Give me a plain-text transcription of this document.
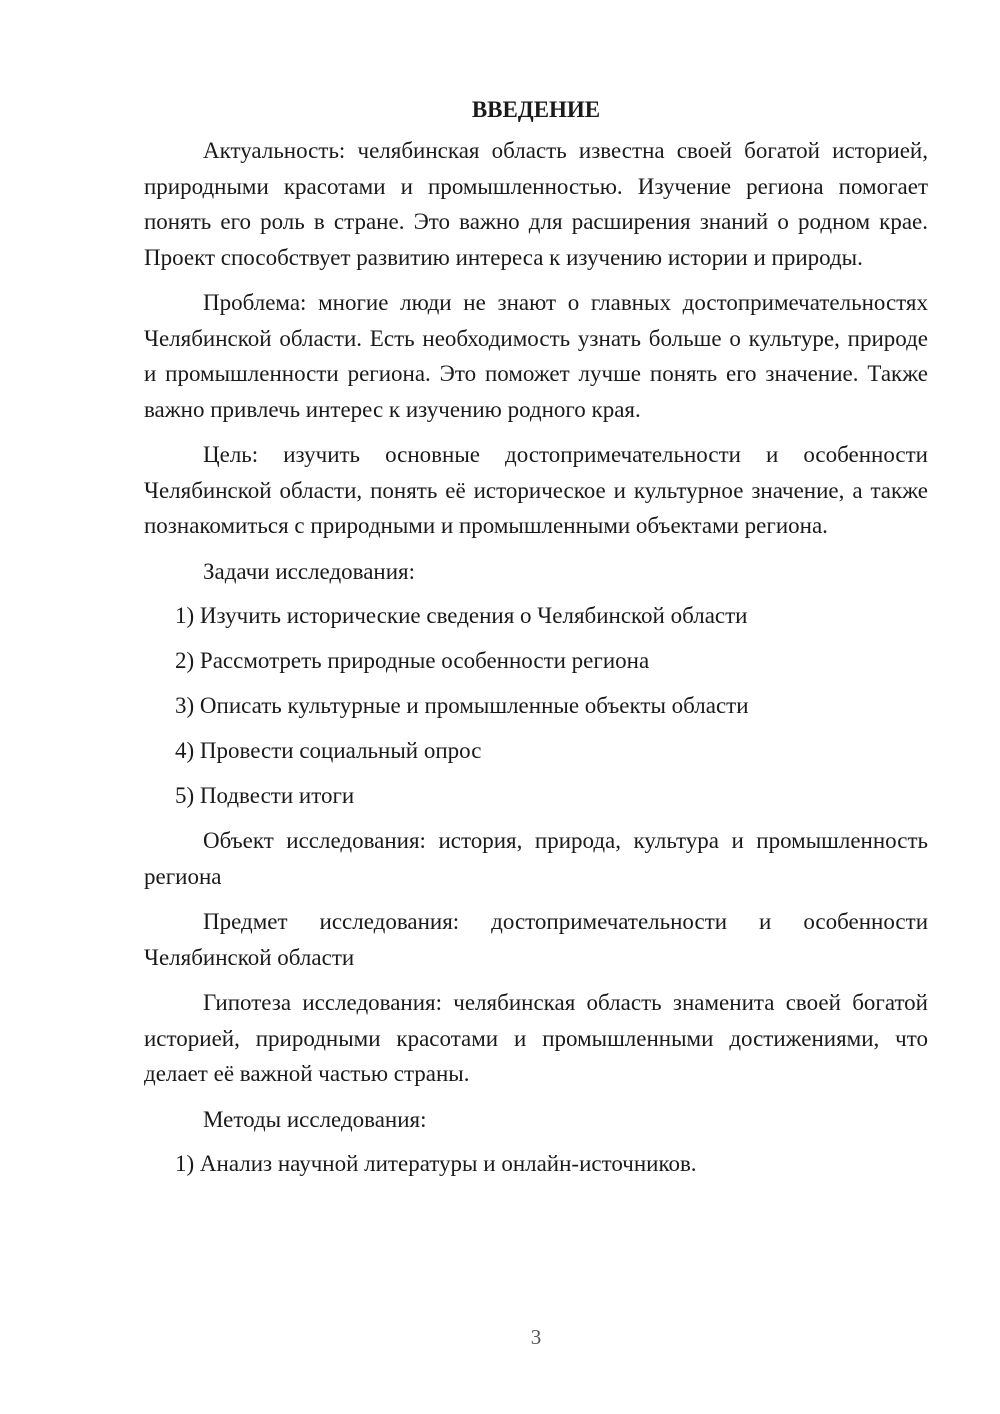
ВВЕДЕНИЕ

Актуальность: челябинская область известна своей богатой историей, природными красотами и промышленностью. Изучение региона помогает понять его роль в стране. Это важно для расширения знаний о родном крае. Проект способствует развитию интереса к изучению истории и природы.

Проблема: многие люди не знают о главных достопримечательностях Челябинской области. Есть необходимость узнать больше о культуре, природе и промышленности региона. Это поможет лучше понять его значение. Также важно привлечь интерес к изучению родного края.

Цель: изучить основные достопримечательности и особенности Челябинской области, понять её историческое и культурное значение, а также познакомиться с природными и промышленными объектами региона.

Задачи исследования:

1) Изучить исторические сведения о Челябинской области
2) Рассмотреть природные особенности региона
3) Описать культурные и промышленные объекты области
4) Провести социальный опрос
5) Подвести итоги

Объект исследования: история, природа, культура и промышленность региона

Предмет исследования: достопримечательности и особенности Челябинской области

Гипотеза исследования: челябинская область знаменита своей богатой историей, природными красотами и промышленными достижениями, что делает её важной частью страны.

Методы исследования:

1) Анализ научной литературы и онлайн-источников.
3
